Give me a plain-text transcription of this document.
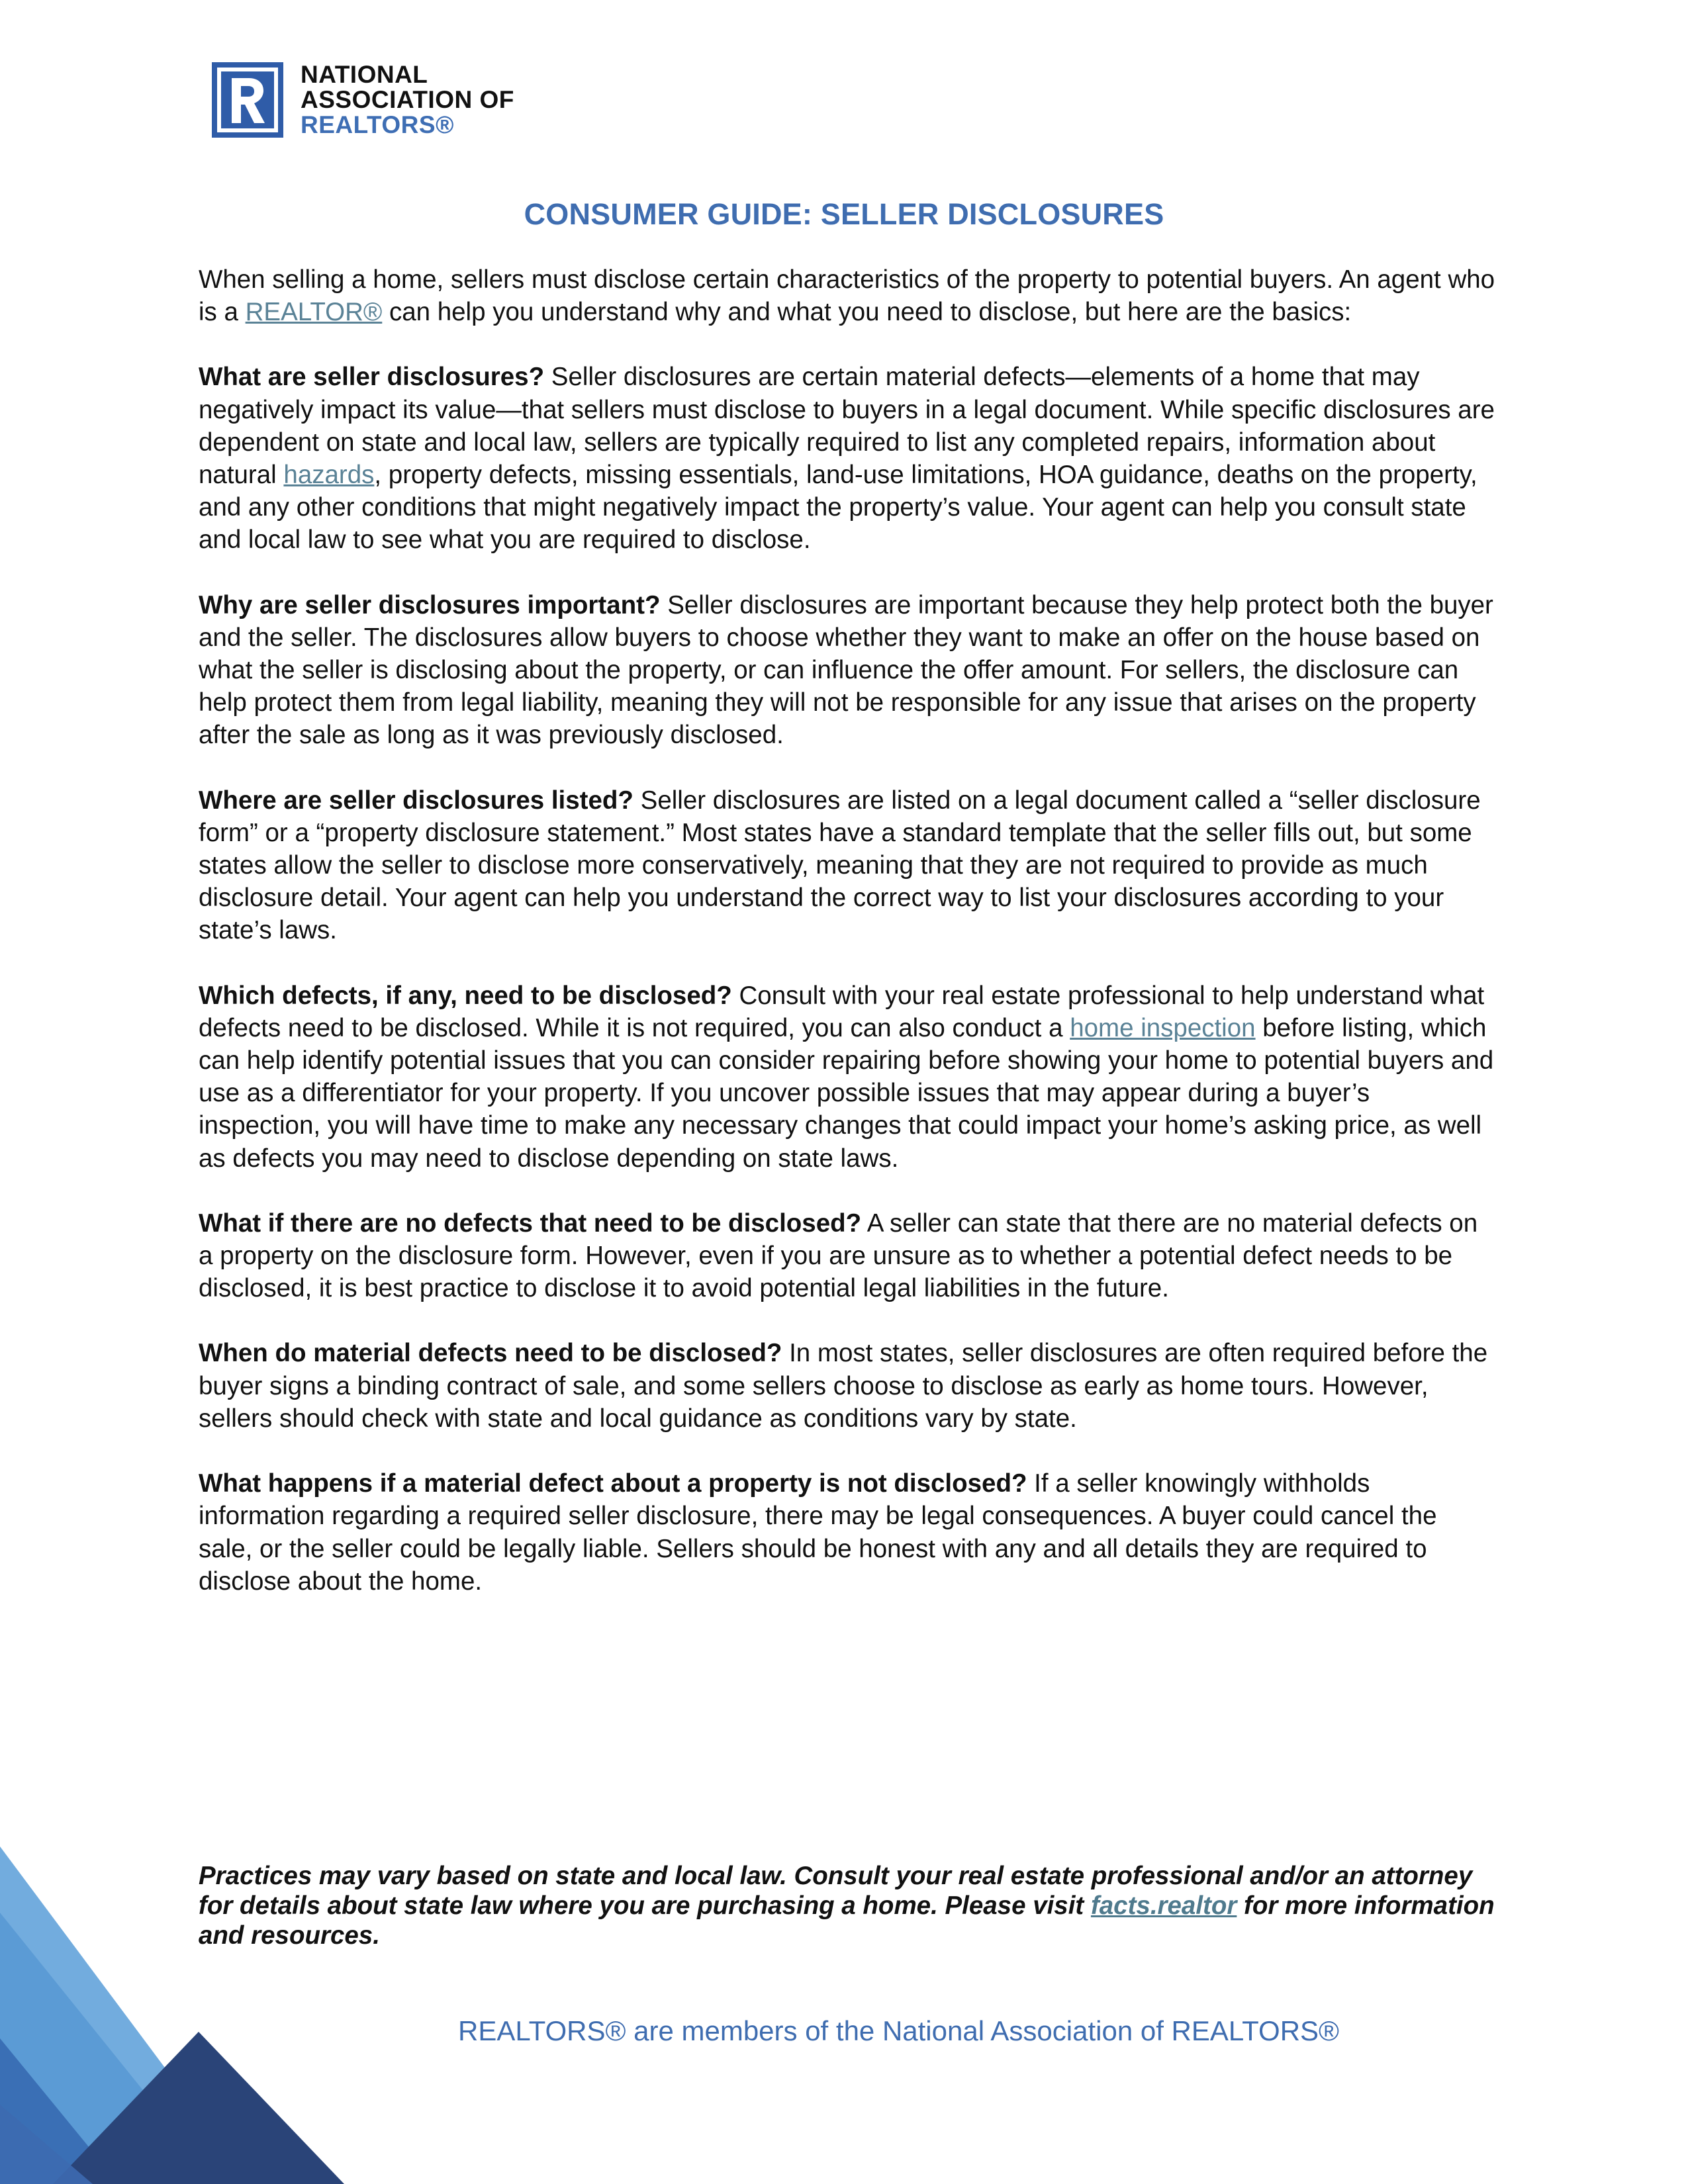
NATIONAL
ASSOCIATION OF
REALTORS®
CONSUMER GUIDE: SELLER DISCLOSURES

When selling a home, sellers must disclose certain characteristics of the property to potential buyers. An agent who is a REALTOR® can help you understand why and what you need to disclose, but here are the basics:

What are seller disclosures? Seller disclosures are certain material defects—elements of a home that may negatively impact its value—that sellers must disclose to buyers in a legal document. While specific disclosures are dependent on state and local law, sellers are typically required to list any completed repairs, information about natural hazards, property defects, missing essentials, land-use limitations, HOA guidance, deaths on the property, and any other conditions that might negatively impact the property’s value. Your agent can help you consult state and local law to see what you are required to disclose.

Why are seller disclosures important? Seller disclosures are important because they help protect both the buyer and the seller. The disclosures allow buyers to choose whether they want to make an offer on the house based on what the seller is disclosing about the property, or can influence the offer amount. For sellers, the disclosure can help protect them from legal liability, meaning they will not be responsible for any issue that arises on the property after the sale as long as it was previously disclosed.

Where are seller disclosures listed? Seller disclosures are listed on a legal document called a “seller disclosure form” or a “property disclosure statement.” Most states have a standard template that the seller fills out, but some states allow the seller to disclose more conservatively, meaning that they are not required to provide as much disclosure detail. Your agent can help you understand the correct way to list your disclosures according to your state’s laws.

Which defects, if any, need to be disclosed? Consult with your real estate professional to help understand what defects need to be disclosed. While it is not required, you can also conduct a home inspection before listing, which can help identify potential issues that you can consider repairing before showing your home to potential buyers and use as a differentiator for your property. If you uncover possible issues that may appear during a buyer’s inspection, you will have time to make any necessary changes that could impact your home’s asking price, as well as defects you may need to disclose depending on state laws.

What if there are no defects that need to be disclosed? A seller can state that there are no material defects on a property on the disclosure form. However, even if you are unsure as to whether a potential defect needs to be disclosed, it is best practice to disclose it to avoid potential legal liabilities in the future.

When do material defects need to be disclosed? In most states, seller disclosures are often required before the buyer signs a binding contract of sale, and some sellers choose to disclose as early as home tours. However, sellers should check with state and local guidance as conditions vary by state.

What happens if a material defect about a property is not disclosed? If a seller knowingly withholds information regarding a required seller disclosure, there may be legal consequences. A buyer could cancel the sale, or the seller could be legally liable. Sellers should be honest with any and all details they are required to disclose about the home.

Practices may vary based on state and local law. Consult your real estate professional and/or an attorney for details about state law where you are purchasing a home. Please visit facts.realtor for more information and resources.
REALTORS® are members of the National Association of REALTORS®
